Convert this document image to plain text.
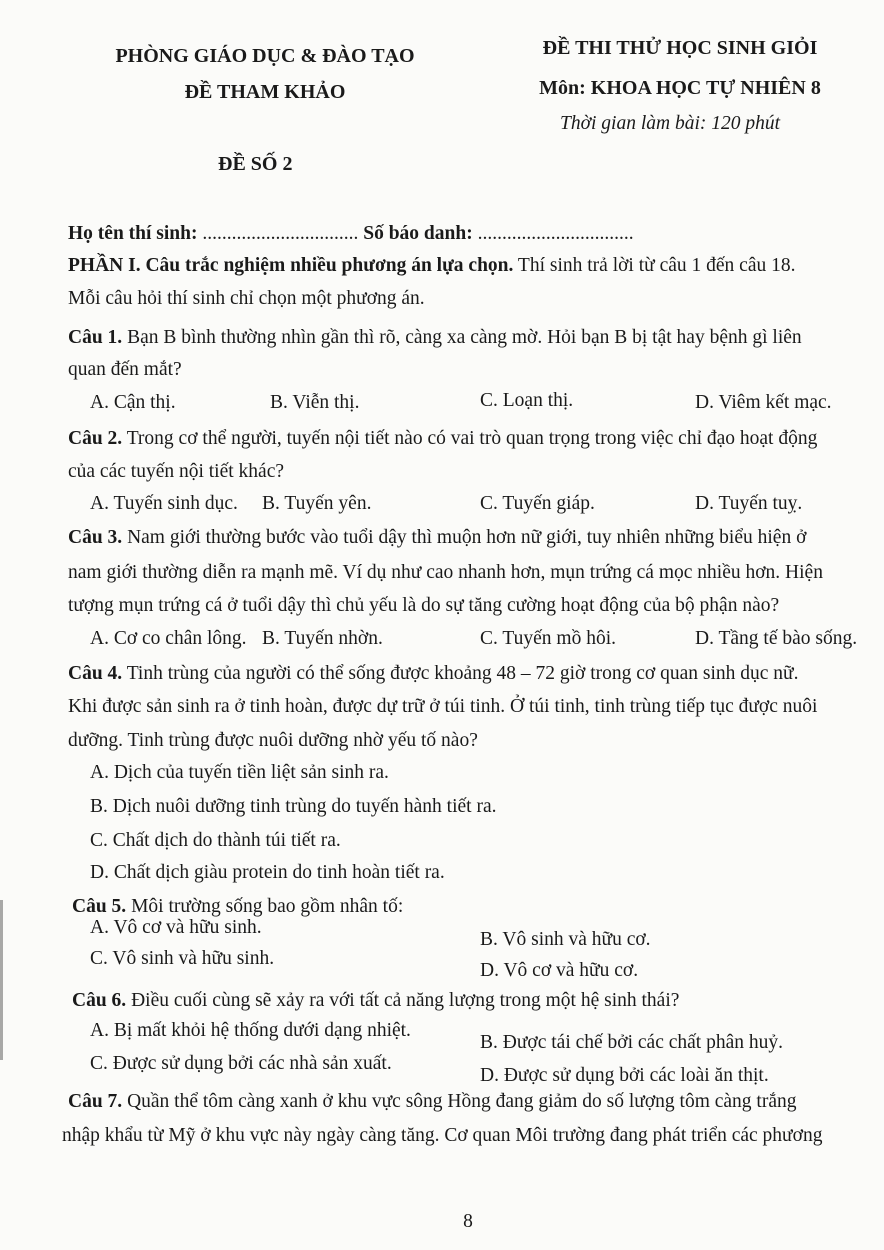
PHÒNG GIÁO DỤC & ĐÀO TẠO
ĐỀ THAM KHẢO
ĐỀ THI THỬ HỌC SINH GIỎI
Môn: KHOA HỌC TỰ NHIÊN 8
Thời gian làm bài: 120 phút
ĐỀ SỐ 2
Họ tên thí sinh: ................................ Số báo danh: ................................
PHẦN I. Câu trắc nghiệm nhiều phương án lựa chọn. Thí sinh trả lời từ câu 1 đến câu 18.
Mỗi câu hỏi thí sinh chỉ chọn một phương án.
Câu 1. Bạn B bình thường nhìn gần thì rõ, càng xa càng mờ. Hỏi bạn B bị tật hay bệnh gì liên
quan đến mắt?
A. Cận thị.	B. Viễn thị.	C. Loạn thị.	D. Viêm kết mạc.
Câu 2. Trong cơ thể người, tuyến nội tiết nào có vai trò quan trọng trong việc chỉ đạo hoạt động
của các tuyến nội tiết khác?
A. Tuyến sinh dục. B. Tuyến yên.	C. Tuyến giáp.	D. Tuyến tuỵ.
Câu 3. Nam giới thường bước vào tuổi dậy thì muộn hơn nữ giới, tuy nhiên những biểu hiện ở
nam giới thường diễn ra mạnh mẽ. Ví dụ như cao nhanh hơn, mụn trứng cá mọc nhiều hơn. Hiện
tượng mụn trứng cá ở tuổi dậy thì chủ yếu là do sự tăng cường hoạt động của bộ phận nào?
A. Cơ co chân lông. B. Tuyến nhờn.	C. Tuyến mồ hôi.	D. Tầng tế bào sống.
Câu 4. Tinh trùng của người có thể sống được khoảng 48 – 72 giờ trong cơ quan sinh dục nữ.
Khi được sản sinh ra ở tinh hoàn, được dự trữ ở túi tinh. Ở túi tinh, tinh trùng tiếp tục được nuôi
dưỡng. Tinh trùng được nuôi dưỡng nhờ yếu tố nào?
A. Dịch của tuyến tiền liệt sản sinh ra.
B. Dịch nuôi dưỡng tinh trùng do tuyến hành tiết ra.
C. Chất dịch do thành túi tiết ra.
D. Chất dịch giàu protein do tinh hoàn tiết ra.
Câu 5. Môi trường sống bao gồm nhân tố:
A. Vô cơ và hữu sinh.
B. Vô sinh và hữu cơ.
C. Vô sinh và hữu sinh.
D. Vô cơ và hữu cơ.
Câu 6. Điều cuối cùng sẽ xảy ra với tất cả năng lượng trong một hệ sinh thái?
A. Bị mất khỏi hệ thống dưới dạng nhiệt.
B. Được tái chế bởi các chất phân huỷ.
C. Được sử dụng bởi các nhà sản xuất.
D. Được sử dụng bởi các loài ăn thịt.
Câu 7. Quần thể tôm càng xanh ở khu vực sông Hồng đang giảm do số lượng tôm càng trắng
nhập khẩu từ Mỹ ở khu vực này ngày càng tăng. Cơ quan Môi trường đang phát triển các phương
8
